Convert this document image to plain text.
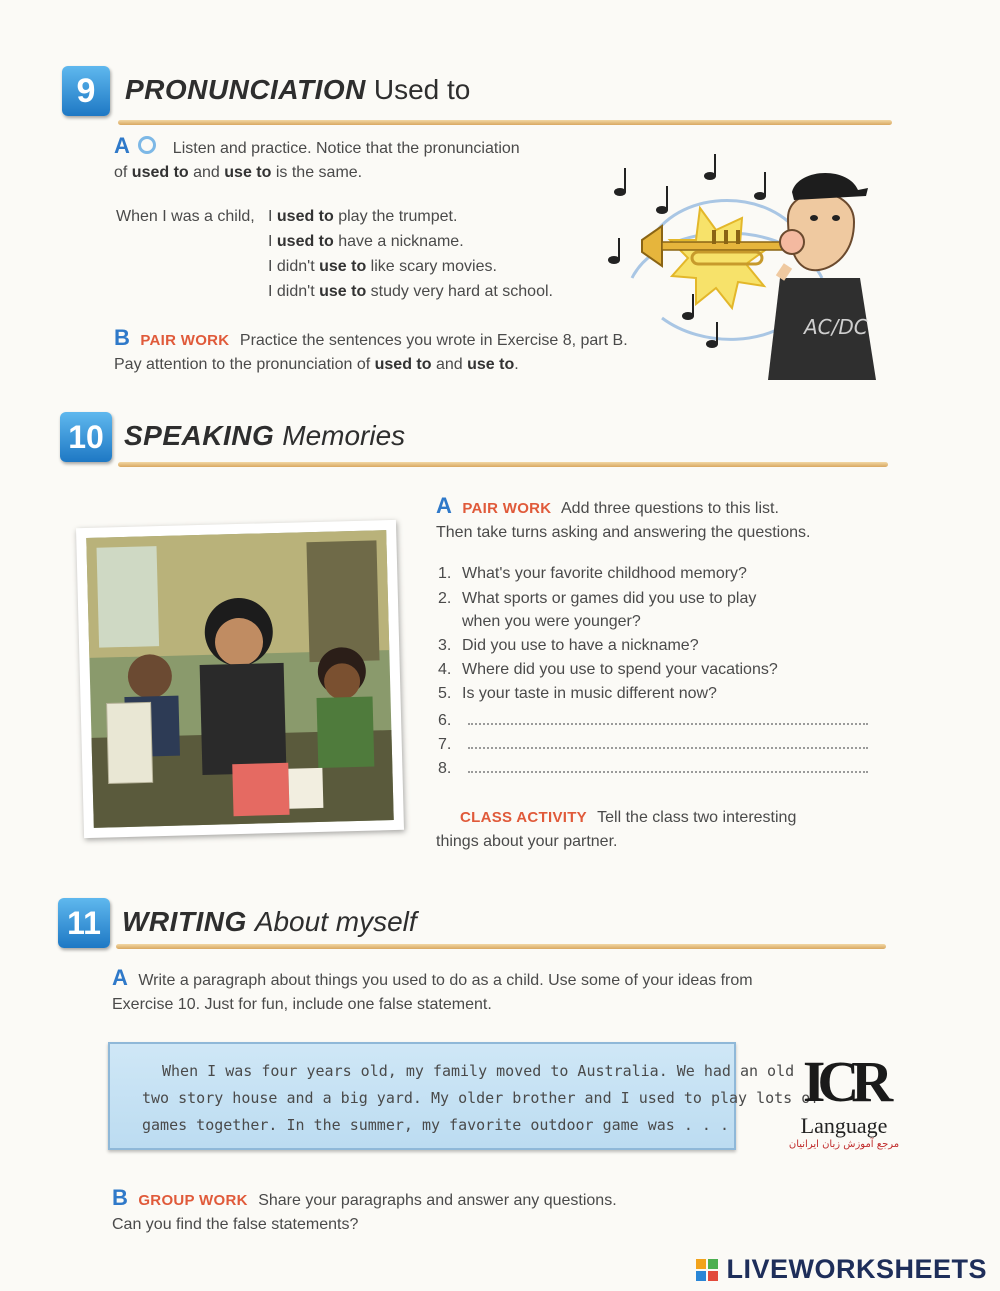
9	PRONUNCIATION Used to
A	Listen and practice. Notice that the pronunciation
of used to and use to is the same.
When I was a child, I used to play the trumpet.
I used to have a nickname.
I didn't use to like scary movies.
I didn't use to study very hard at school.
B PAIR WORK Practice the sentences you wrote in Exercise 8, part B.
Pay attention to the pronunciation of used to and use to.
AC/DC
10 SPEAKING Memories
A PAIR WORK Add three questions to this list.
Then take turns asking and answering the questions.
1. What's your favorite childhood memory?
2. What sports or games did you use to play
when you were younger?
3. Did you use to have a nickname?
4. Where did you use to spend your vacations?
5. Is your taste in music different now?
6.
7.
8.
CLASS ACTIVITY Tell the class two interesting
things about your partner.
11 WRITING About myself
A Write a paragraph about things you used to do as a child. Use some of your ideas from
Exercise 10. Just for fun, include one false statement.
When I was four years old, my family moved to Australia. We had an old
two story house and a big yard. My older brother and I used to play lots of
games together. In the summer, my favorite outdoor game was . . .
ICR
Language
مرجع آموزش زبان ایرانیان
B GROUP WORK Share your paragraphs and answer any questions.
Can you find the false statements?
LIVEWORKSHEETS
